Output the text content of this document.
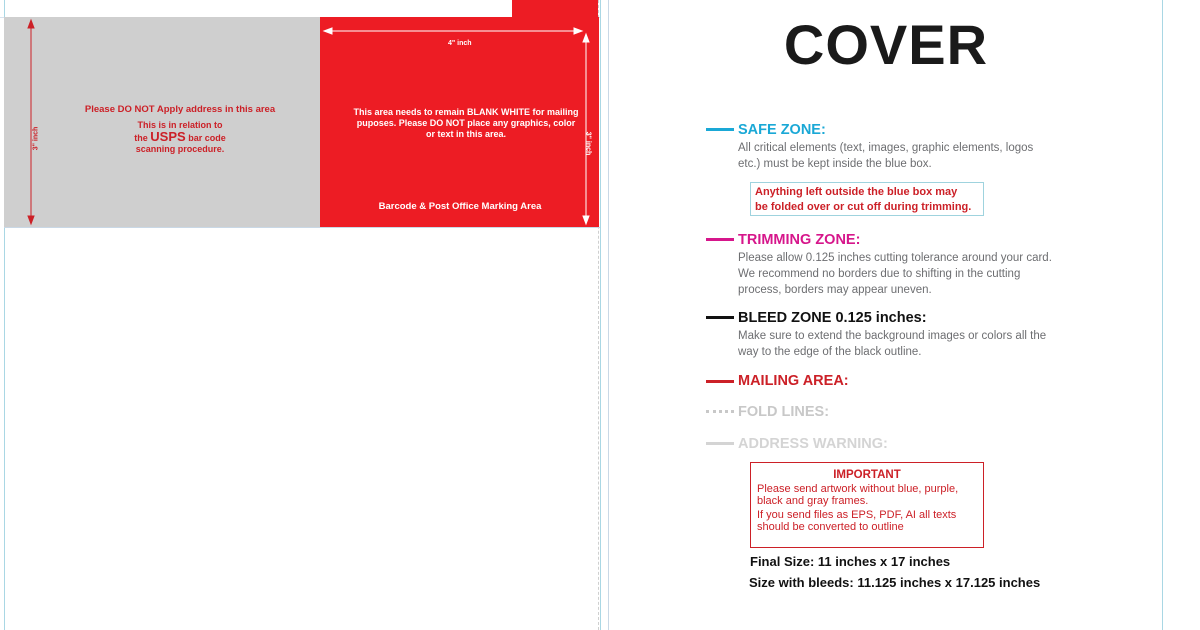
3" inch
4" inch
3" inch
Please DO NOT Apply address in this area
This is in relation to
the USPS bar code
scanning procedure.
This area needs to remain BLANK WHITE for mailing puposes. Please DO NOT place any graphics, color or text in this area.
Barcode & Post Office Marking Area
COVER
SAFE ZONE:
All critical elements (text, images, graphic elements, logos
etc.) must be kept inside the blue box.
Anything left outside the blue box may
be folded over or cut off during trimming.
TRIMMING ZONE:
Please allow 0.125 inches cutting tolerance around your card.
We recommend no borders due to shifting in the cutting
process, borders may appear uneven.
BLEED ZONE 0.125 inches:
Make sure to extend the background images or colors all the
way to the edge of the black outline.
MAILING AREA:
FOLD LINES:
ADDRESS WARNING:
IMPORTANT
Please send artwork without blue, purple,
black and gray frames.
If you send files as EPS, PDF, AI all texts
should be converted to outline
Final Size: 11 inches x 17 inches
Size with bleeds: 11.125 inches x 17.125 inches
